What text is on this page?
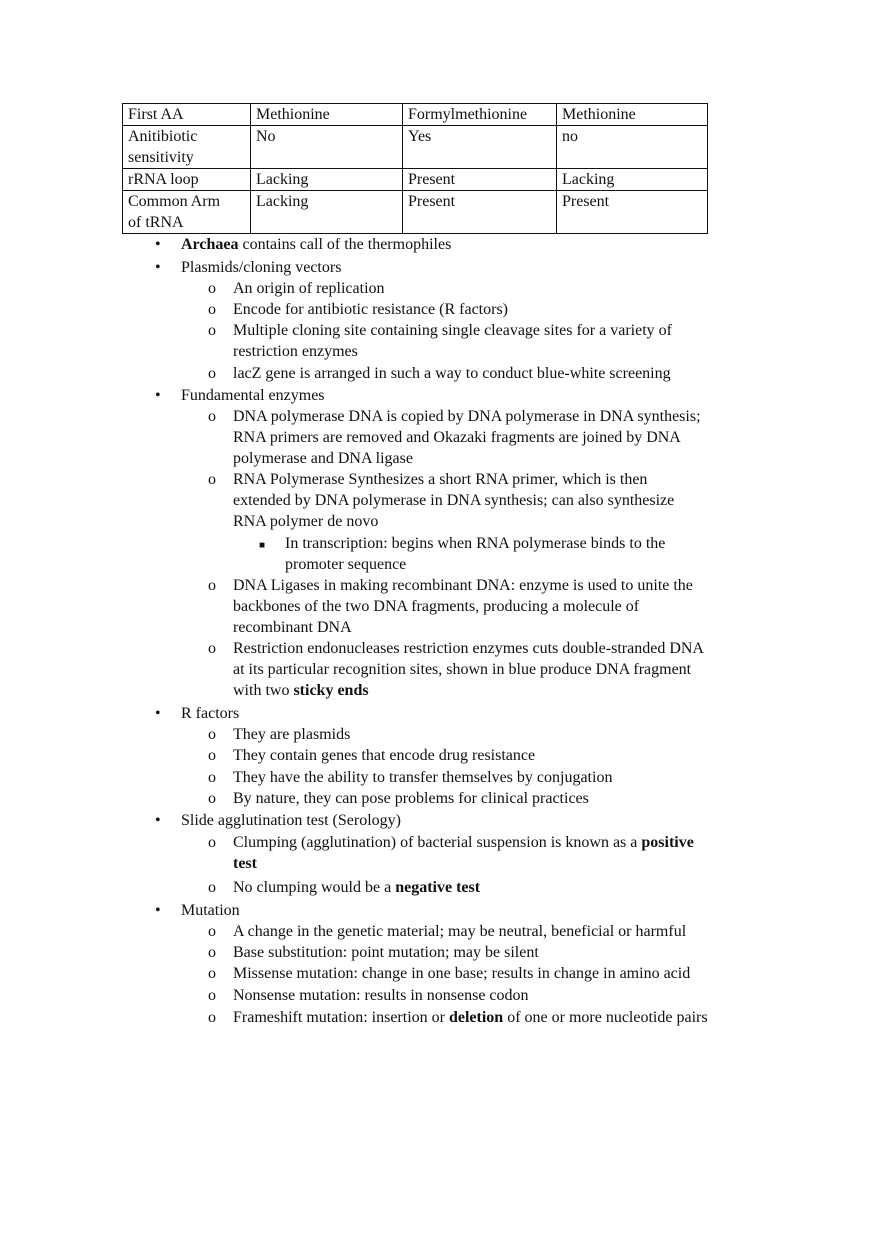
First AA	Methionine	Formylmethionine	Methionine
Anitibiotic
sensitivity	No	Yes	no
rRNA loop	Lacking	Present	Lacking
Common Arm
of tRNA	Lacking	Present	Present
• Archaea contains call of the thermophiles
• Plasmids/cloning vectors
o An origin of replication
o Encode for antibiotic resistance (R factors)
o Multiple cloning site containing single cleavage sites for a variety of
restriction enzymes
o lacZ gene is arranged in such a way to conduct blue-white screening
• Fundamental enzymes
o DNA polymerase DNA is copied by DNA polymerase in DNA synthesis;
RNA primers are removed and Okazaki fragments are joined by DNA
polymerase and DNA ligase
o RNA Polymerase Synthesizes a short RNA primer, which is then
extended by DNA polymerase in DNA synthesis; can also synthesize
RNA polymer de novo
■ In transcription: begins when RNA polymerase binds to the
promoter sequence
o DNA Ligases in making recombinant DNA: enzyme is used to unite the
backbones of the two DNA fragments, producing a molecule of
recombinant DNA
o Restriction endonucleases restriction enzymes cuts double-stranded DNA
at its particular recognition sites, shown in blue produce DNA fragment
with two sticky ends
• R factors
o They are plasmids
o They contain genes that encode drug resistance
o They have the ability to transfer themselves by conjugation
o By nature, they can pose problems for clinical practices
• Slide agglutination test (Serology)
o Clumping (agglutination) of bacterial suspension is known as a positive
test
o No clumping would be a negative test
• Mutation
o A change in the genetic material; may be neutral, beneficial or harmful
o Base substitution: point mutation; may be silent
o Missense mutation: change in one base; results in change in amino acid
o Nonsense mutation: results in nonsense codon
o Frameshift mutation: insertion or deletion of one or more nucleotide pairs
